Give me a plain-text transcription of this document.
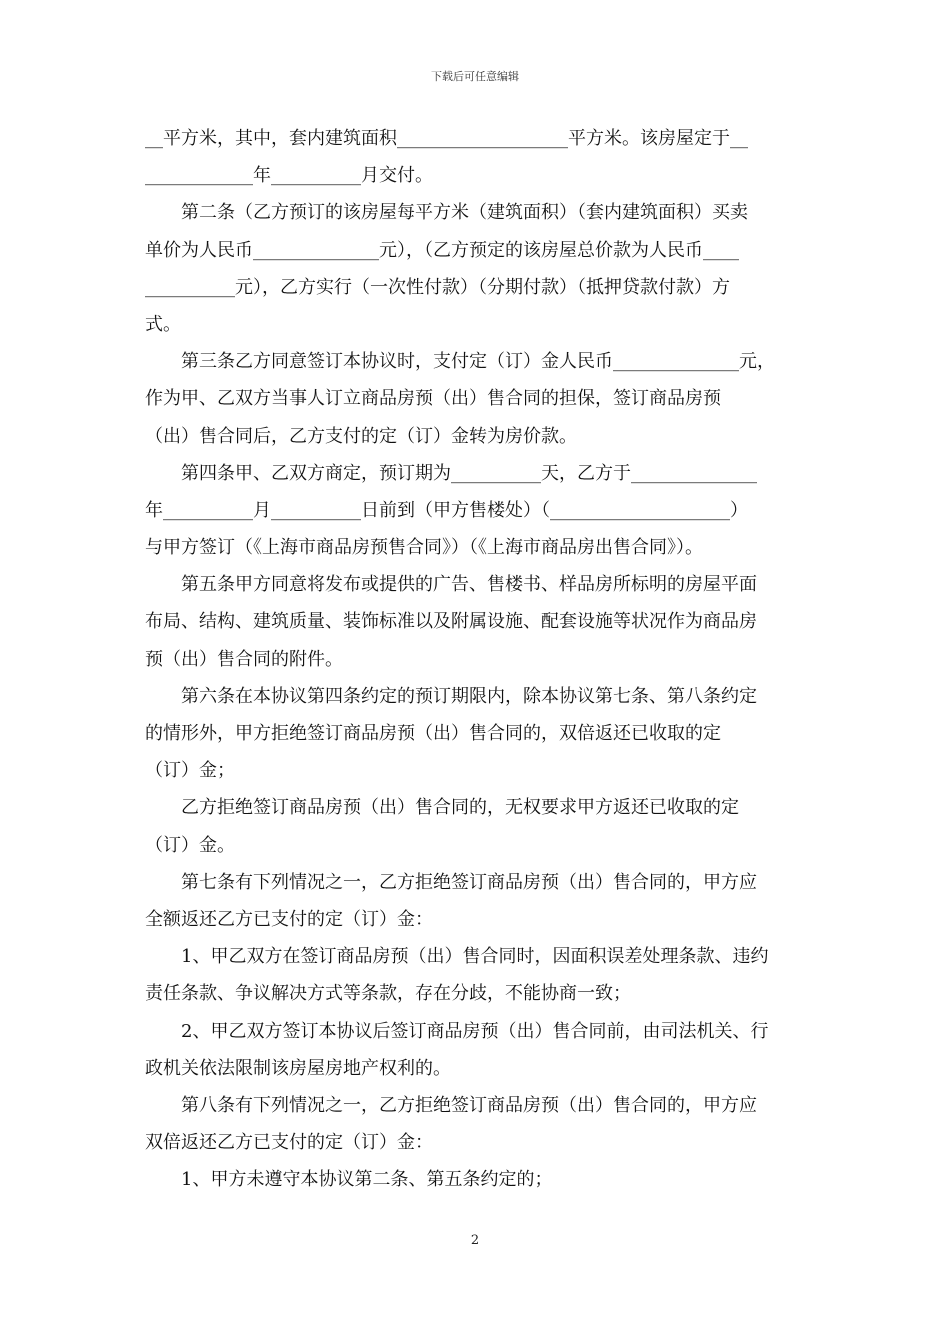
下载后可任意编辑
__平方米，其中，套内建筑面积___________________平方米。该房屋定于__
____________年__________月交付。
　　第二条（乙方预订的该房屋每平方米（建筑面积）（套内建筑面积）买卖
单价为人民币______________元），（乙方预定的该房屋总价款为人民币____
__________元），乙方实行（一次性付款）（分期付款）（抵押贷款付款）方
式。
　　第三条乙方同意签订本协议时，支付定（订）金人民币______________元，
作为甲、乙双方当事人订立商品房预（出）售合同的担保，签订商品房预
（出）售合同后，乙方支付的定（订）金转为房价款。
　　第四条甲、乙双方商定，预订期为__________天，乙方于______________
年__________月__________日前到（甲方售楼处）（____________________）
与甲方签订（《上海市商品房预售合同》）（《上海市商品房出售合同》）。
　　第五条甲方同意将发布或提供的广告、售楼书、样品房所标明的房屋平面
布局、结构、建筑质量、装饰标准以及附属设施、配套设施等状况作为商品房
预（出）售合同的附件。
　　第六条在本协议第四条约定的预订期限内，除本协议第七条、第八条约定
的情形外，甲方拒绝签订商品房预（出）售合同的，双倍返还已收取的定
（订）金；
　　乙方拒绝签订商品房预（出）售合同的，无权要求甲方返还已收取的定
（订）金。
　　第七条有下列情况之一，乙方拒绝签订商品房预（出）售合同的，甲方应
全额返还乙方已支付的定（订）金：
　　1、甲乙双方在签订商品房预（出）售合同时，因面积误差处理条款、违约
责任条款、争议解决方式等条款，存在分歧，不能协商一致；
　　2、甲乙双方签订本协议后签订商品房预（出）售合同前，由司法机关、行
政机关依法限制该房屋房地产权利的。
　　第八条有下列情况之一，乙方拒绝签订商品房预（出）售合同的，甲方应
双倍返还乙方已支付的定（订）金：
　　1、甲方未遵守本协议第二条、第五条约定的；
2
